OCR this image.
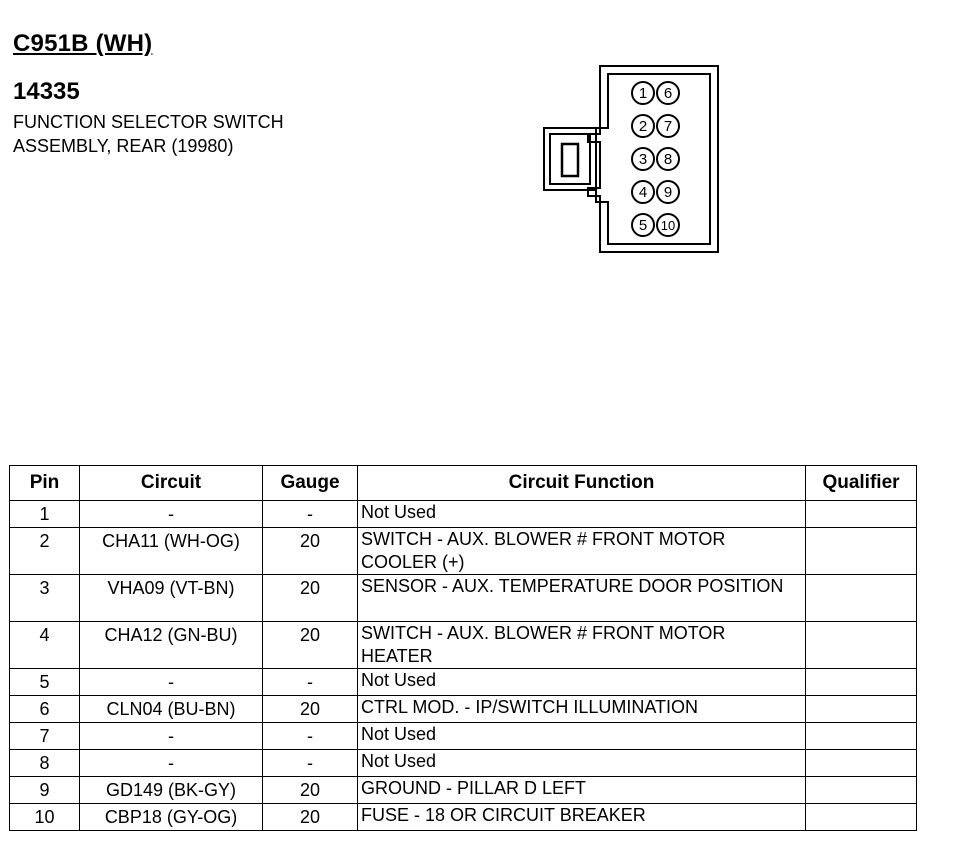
C951B (WH)
14335
FUNCTION SELECTOR SWITCH
ASSEMBLY, REAR (19980)
1
2
3
4
5
6
7
8
9
10
Pin	Circuit	Gauge	Circuit Function	Qualifier
1	-	-	Not Used	
2	CHA11 (WH-OG)	20	SWITCH - AUX. BLOWER # FRONT MOTOR COOLER (+)	
3	VHA09 (VT-BN)	20	SENSOR - AUX. TEMPERATURE DOOR POSITION	
4	CHA12 (GN-BU)	20	SWITCH - AUX. BLOWER # FRONT MOTOR HEATER	
5	-	-	Not Used	
6	CLN04 (BU-BN)	20	CTRL MOD. - IP/SWITCH ILLUMINATION	
7	-	-	Not Used	
8	-	-	Not Used	
9	GD149 (BK-GY)	20	GROUND - PILLAR D LEFT	
10	CBP18 (GY-OG)	20	FUSE - 18 OR CIRCUIT BREAKER	
